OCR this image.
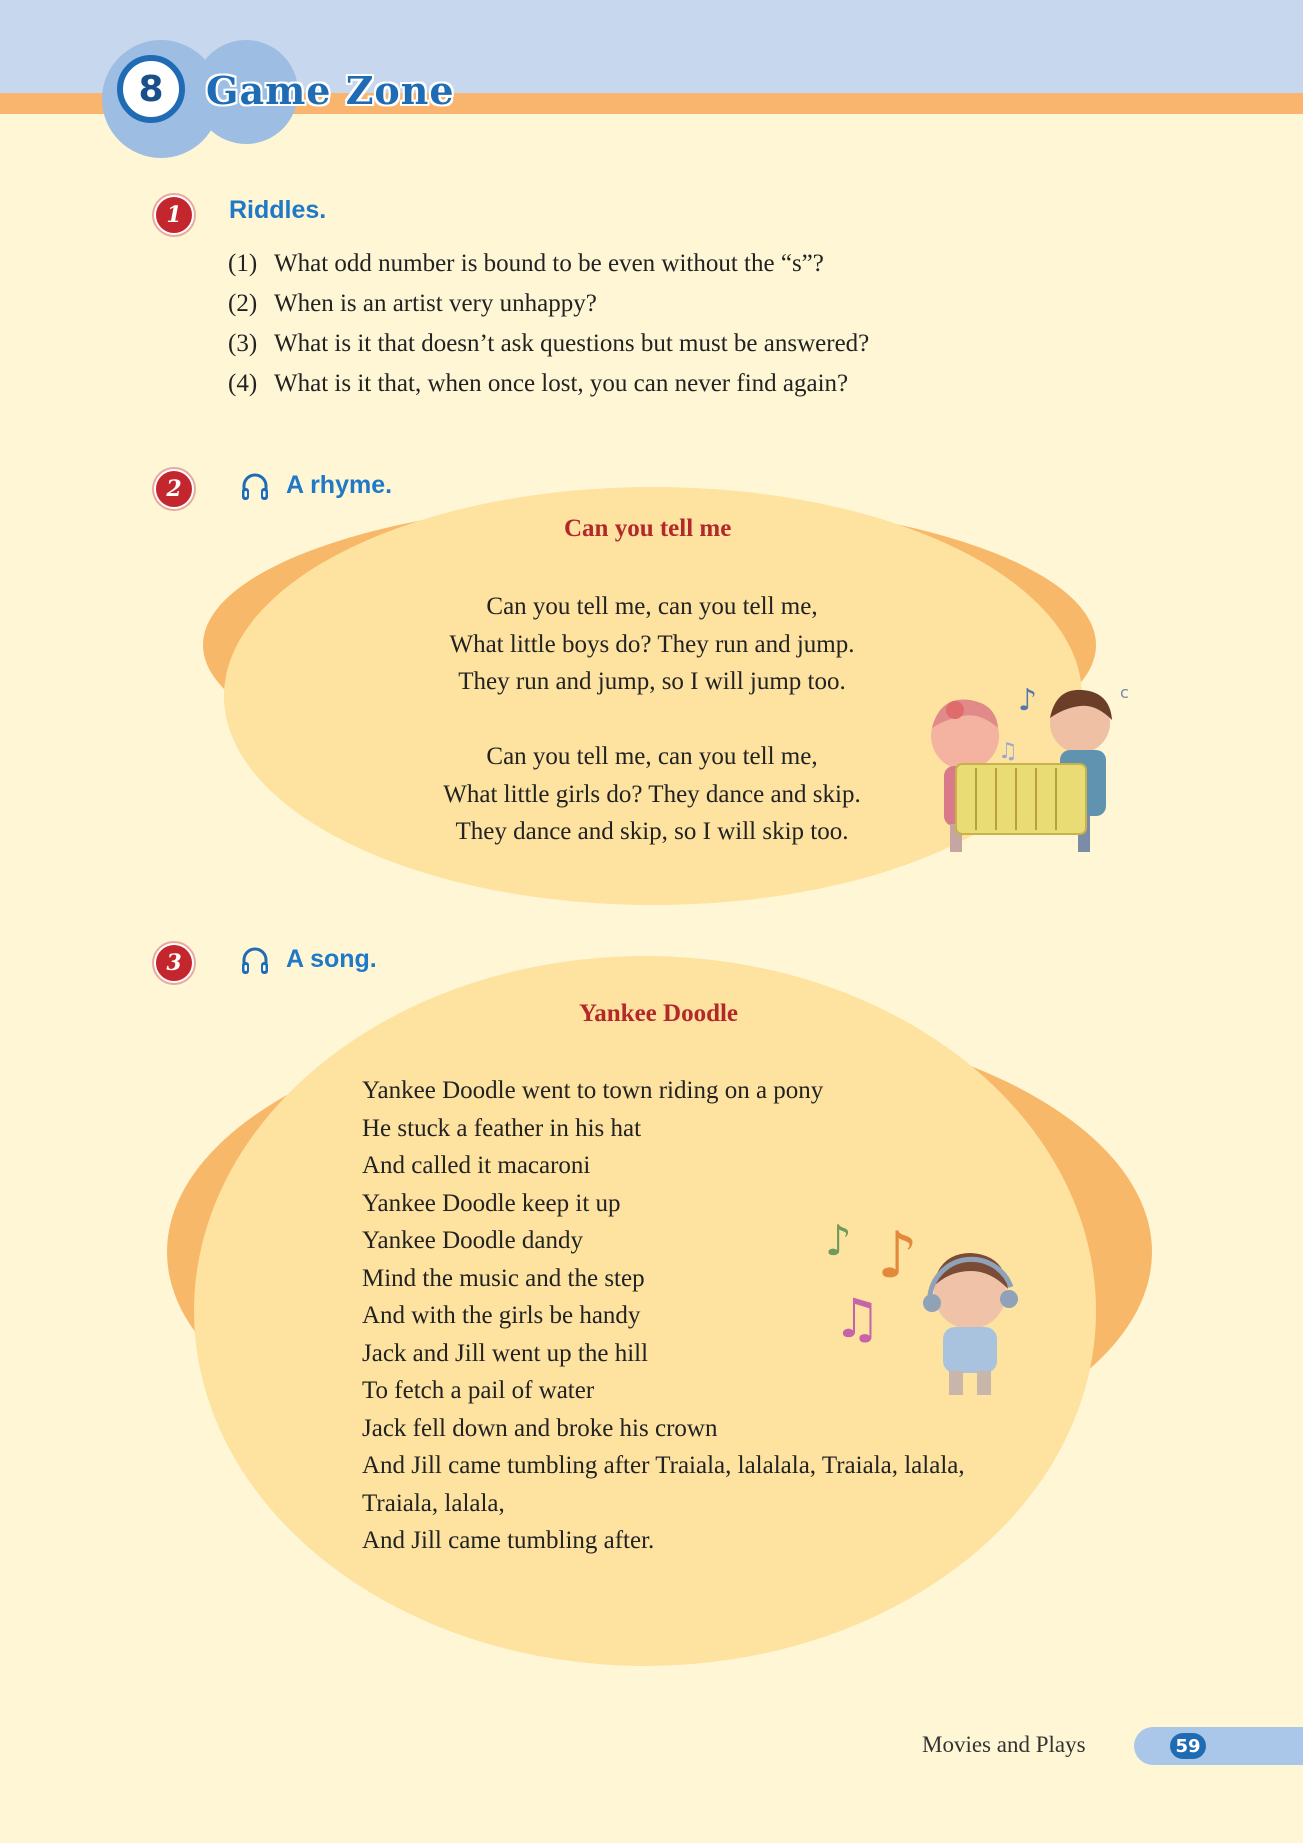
8	Game Zone
1	Riddles.
(1) What odd number is bound to be even without the “s”?
(2) When is an artist very unhappy?
(3) What is it that doesn’t ask questions but must be answered?
(4) What is it that, when once lost, you can never find again?
2	A rhyme.
Can you tell me
Can you tell me, can you tell me,
What little boys do? They run and jump.
They run and jump, so I will jump too.
Can you tell me, can you tell me,
What little girls do? They dance and skip.
They dance and skip, so I will skip too.
♪
♫
c
3	A song.
Yankee Doodle
Yankee Doodle went to town riding on a pony
He stuck a feather in his hat
And called it macaroni
Yankee Doodle keep it up
Yankee Doodle dandy
Mind the music and the step
And with the girls be handy
Jack and Jill went up the hill
To fetch a pail of water
Jack fell down and broke his crown
And Jill came tumbling after Traiala, lalalala, Traiala, lalala,
Traiala, lalala,
And Jill came tumbling after.
♪ ♪
♫
Movies and Plays	59
